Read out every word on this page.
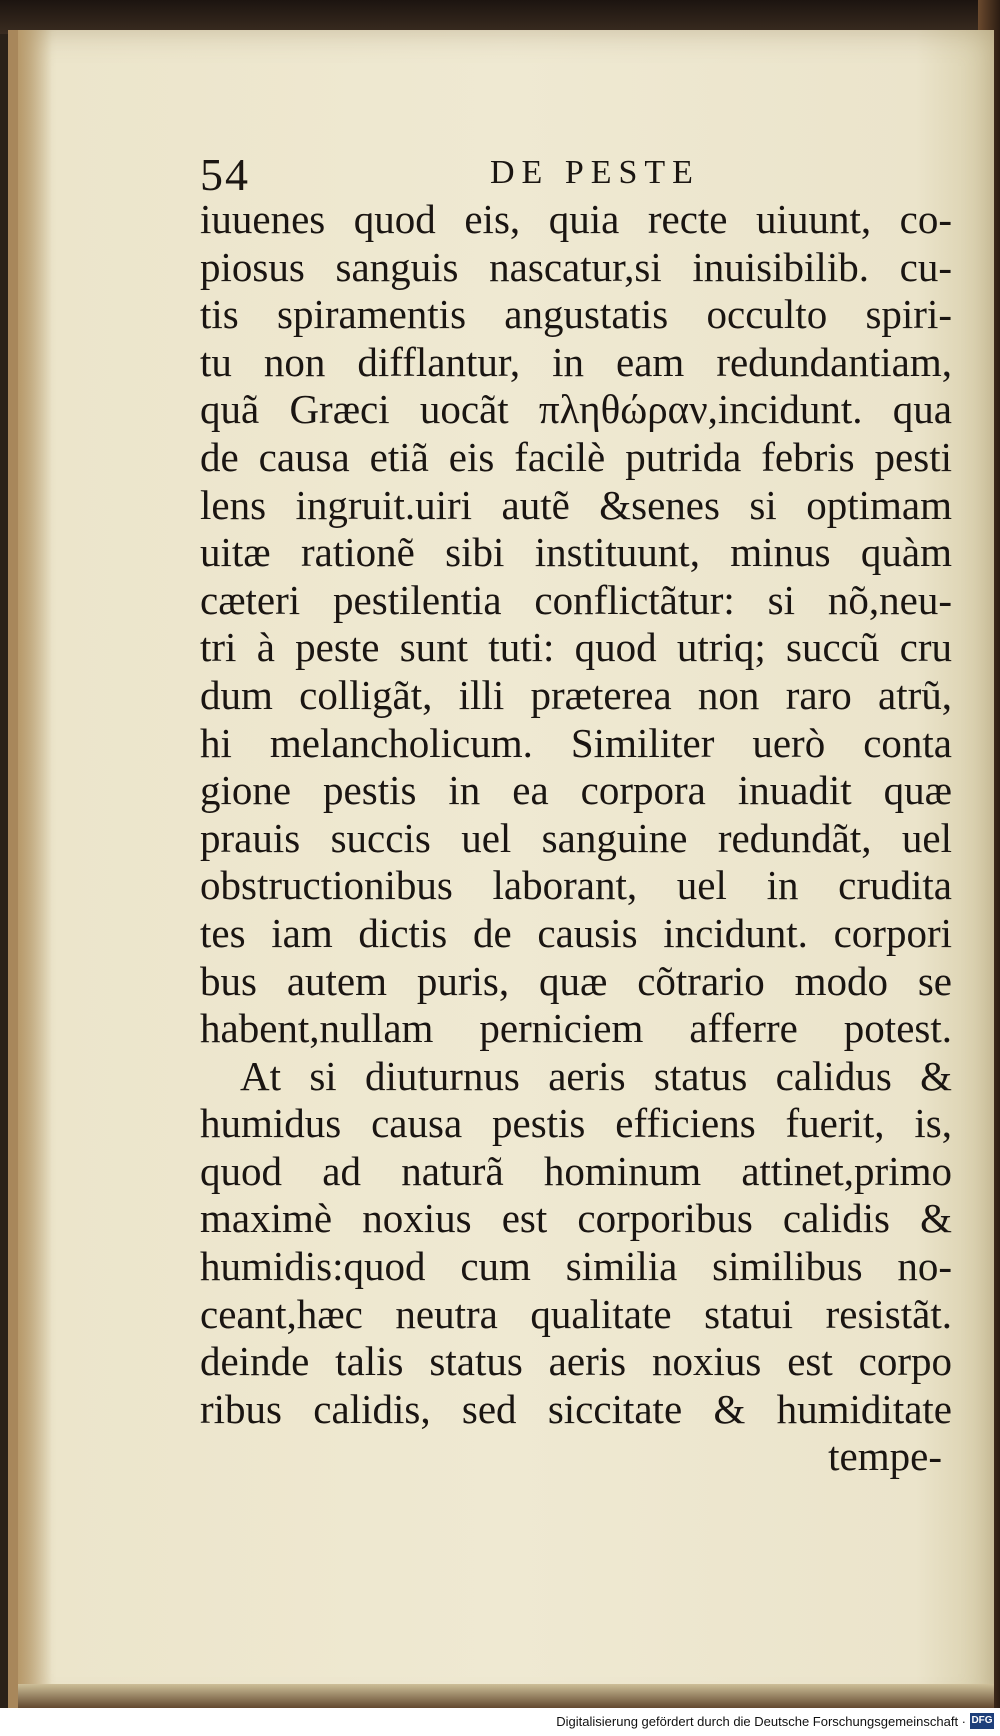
54	DE PESTE
iuuenes quod eis, quia recte uiuunt, co-
piosus sanguis nascatur,si inuisibilib. cu-
tis spiramentis angustatis occulto spiri-
tu non difflantur, in eam redundantiam,
quã Græci uocãt πληθώραν,incidunt. qua
de causa etiã eis facilè putrida febris pesti
lens ingruit.uiri autẽ &senes si optimam
uitæ rationẽ sibi instituunt, minus quàm
cæteri pestilentia conflictãtur: si nõ,neu-
tri à peste sunt tuti: quod utriq; succũ cru
dum colligãt, illi præterea non raro atrũ,
hi melancholicum. Similiter uerò conta
gione pestis in ea corpora inuadit quæ
prauis succis uel sanguine redundãt, uel
obstructionibus laborant, uel in crudita
tes iam dictis de causis incidunt. corpori
bus autem puris, quæ cõtrario modo se
habent,nullam perniciem afferre potest.
At si diuturnus aeris status calidus &
humidus causa pestis efficiens fuerit, is,
quod ad naturã hominum attinet,primo
maximè noxius est corporibus calidis &
humidis:quod cum similia similibus no-
ceant,hæc neutra qualitate statui resistãt.
deinde talis status aeris noxius est corpo
ribus calidis, sed siccitate & humiditate
tempe-
Digitalisierung gefördert durch die Deutsche Forschungsgemeinschaft · DFG
